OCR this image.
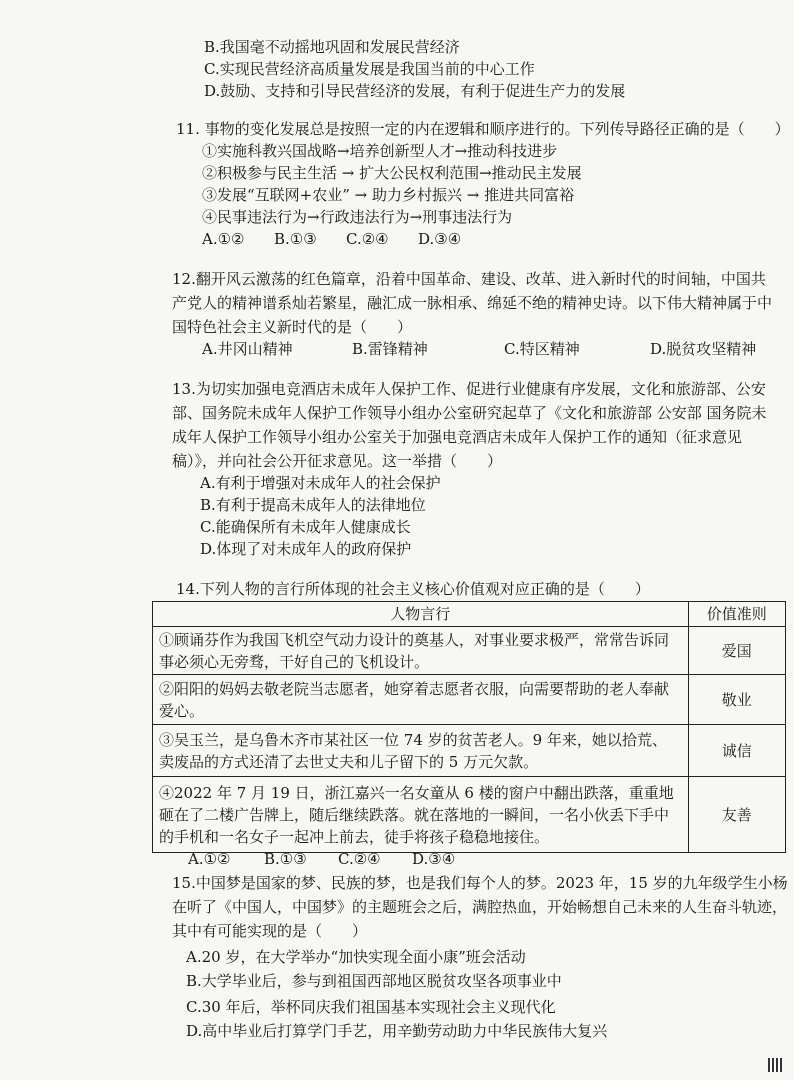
B.我国毫不动摇地巩固和发展民营经济
C.实现民营经济高质量发展是我国当前的中心工作
D.鼓励、支持和引导民营经济的发展，有利于促进生产力的发展
11. 事物的变化发展总是按照一定的内在逻辑和顺序进行的。下列传导路径正确的是（　　）
①实施科教兴国战略→培养创新型人才→推动科技进步
②积极参与民主生活 → 扩大公民权利范围→推动民主发展
③发展“互联网+农业” → 助力乡村振兴 → 推进共同富裕
④民事违法行为→行政违法行为→刑事违法行为
A.①② B.①③ C.②④ D.③④
12.翻开风云激荡的红色篇章，沿着中国革命、建设、改革、进入新时代的时间轴，中国共
产党人的精神谱系灿若繁星，融汇成一脉相承、绵延不绝的精神史诗。以下伟大精神属于中
国特色社会主义新时代的是（　　）
A.井冈山精神	B.雷锋精神	C.特区精神	D.脱贫攻坚精神
13.为切实加强电竞酒店未成年人保护工作、促进行业健康有序发展，文化和旅游部、公安
部、国务院未成年人保护工作领导小组办公室研究起草了《文化和旅游部 公安部 国务院未
成年人保护工作领导小组办公室关于加强电竞酒店未成年人保护工作的通知（征求意见
稿）》，并向社会公开征求意见。这一举措（　　）
A.有利于增强对未成年人的社会保护
B.有利于提高未成年人的法律地位
C.能确保所有未成年人健康成长
D.体现了对未成年人的政府保护
14.下列人物的言行所体现的社会主义核心价值观对应正确的是（　　）
人物言行	价值准则
①顾诵芬作为我国飞机空气动力设计的奠基人，对事业要求极严，常常告诉同事必须心无旁骛，干好自己的飞机设计。	爱国
②阳阳的妈妈去敬老院当志愿者，她穿着志愿者衣服，向需要帮助的老人奉献爱心。	敬业
③吴玉兰，是乌鲁木齐市某社区一位 74 岁的贫苦老人。9 年来，她以拾荒、卖废品的方式还清了去世丈夫和儿子留下的 5 万元欠款。	诚信
④2022 年 7 月 19 日，浙江嘉兴一名女童从 6 楼的窗户中翻出跌落，重重地砸在了二楼广告牌上，随后继续跌落。就在落地的一瞬间，一名小伙丢下手中的手机和一名女子一起冲上前去，徒手将孩子稳稳地接住。	友善
A.①② B.①③ C.②④ D.③④
15.中国梦是国家的梦、民族的梦，也是我们每个人的梦。2023 年，15 岁的九年级学生小杨
在听了《中国人，中国梦》的主题班会之后，满腔热血，开始畅想自己未来的人生奋斗轨迹，
其中有可能实现的是（　　）
A.20 岁，在大学举办“加快实现全面小康”班会活动
B.大学毕业后，参与到祖国西部地区脱贫攻坚各项事业中
C.30 年后，举杯同庆我们祖国基本实现社会主义现代化
D.高中毕业后打算学门手艺，用辛勤劳动助力中华民族伟大复兴
